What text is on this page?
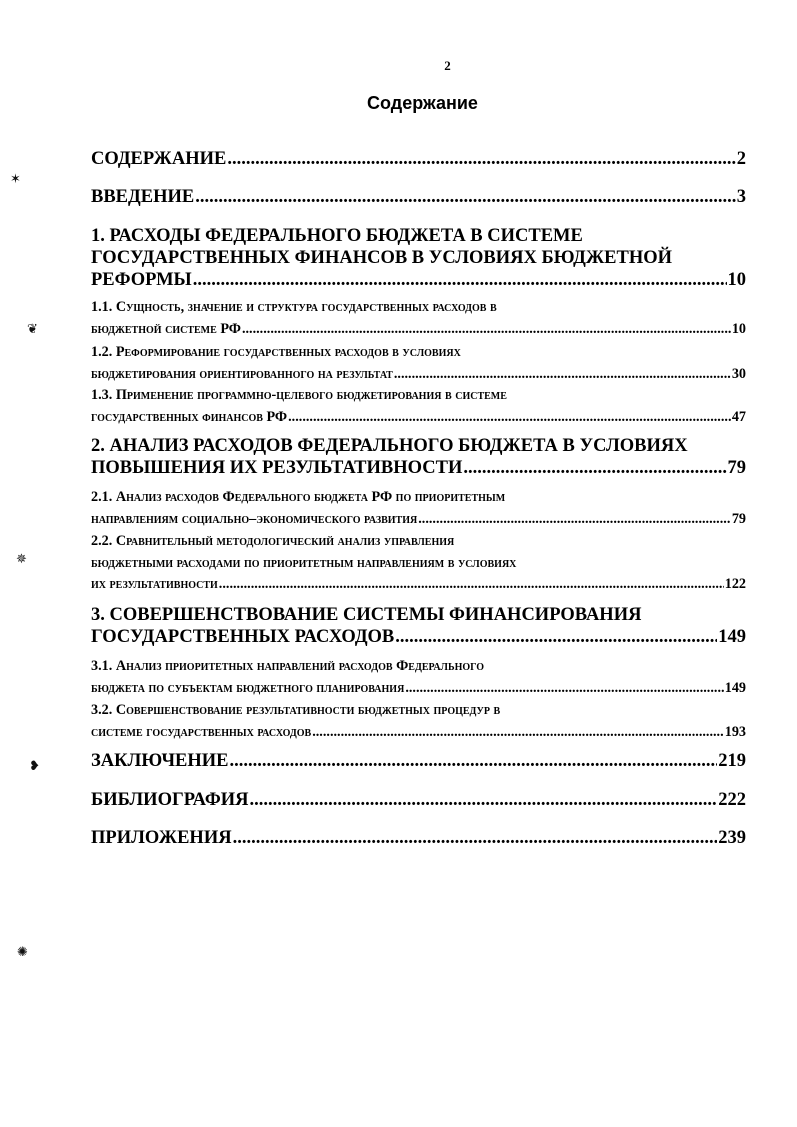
2
Содержание
✶
❦
✵
❥
✺
СОДЕРЖАНИЕ .....	2
ВВЕДЕНИЕ .....	3
1. РАСХОДЫ ФЕДЕРАЛЬНОГО БЮДЖЕТА В СИСТЕМЕ
ГОСУДАРСТВЕННЫХ ФИНАНСОВ В УСЛОВИЯХ БЮДЖЕТНОЙ
РЕФОРМЫ .....	10
1.1. Сущность, значение и структура государственных расходов в
бюджетной системе РФ .....	10
1.2. Реформирование государственных расходов в условиях
бюджетирования ориентированного на результат .....	30
1.3. Применение программно-целевого бюджетирования в системе
государственных финансов РФ .....	47
2. АНАЛИЗ РАСХОДОВ ФЕДЕРАЛЬНОГО БЮДЖЕТА В УСЛОВИЯХ
ПОВЫШЕНИЯ ИХ РЕЗУЛЬТАТИВНОСТИ .....	79
2.1. Анализ расходов Федерального бюджета РФ по приоритетным
направлениям социально–экономического развития .....	79
2.2. Сравнительный методологический анализ управления
бюджетными расходами по приоритетным направлениям в условиях
их результативности .....	122
3. СОВЕРШЕНСТВОВАНИЕ СИСТЕМЫ ФИНАНСИРОВАНИЯ
ГОСУДАРСТВЕННЫХ РАСХОДОВ .....	149
3.1. Анализ приоритетных направлений расходов Федерального
бюджета по субъектам бюджетного планирования .....	149
3.2. Совершенствование результативности бюджетных процедур в
системе государственных расходов .....	193
ЗАКЛЮЧЕНИЕ .....	219
БИБЛИОГРАФИЯ .....	222
ПРИЛОЖЕНИЯ .....	239
